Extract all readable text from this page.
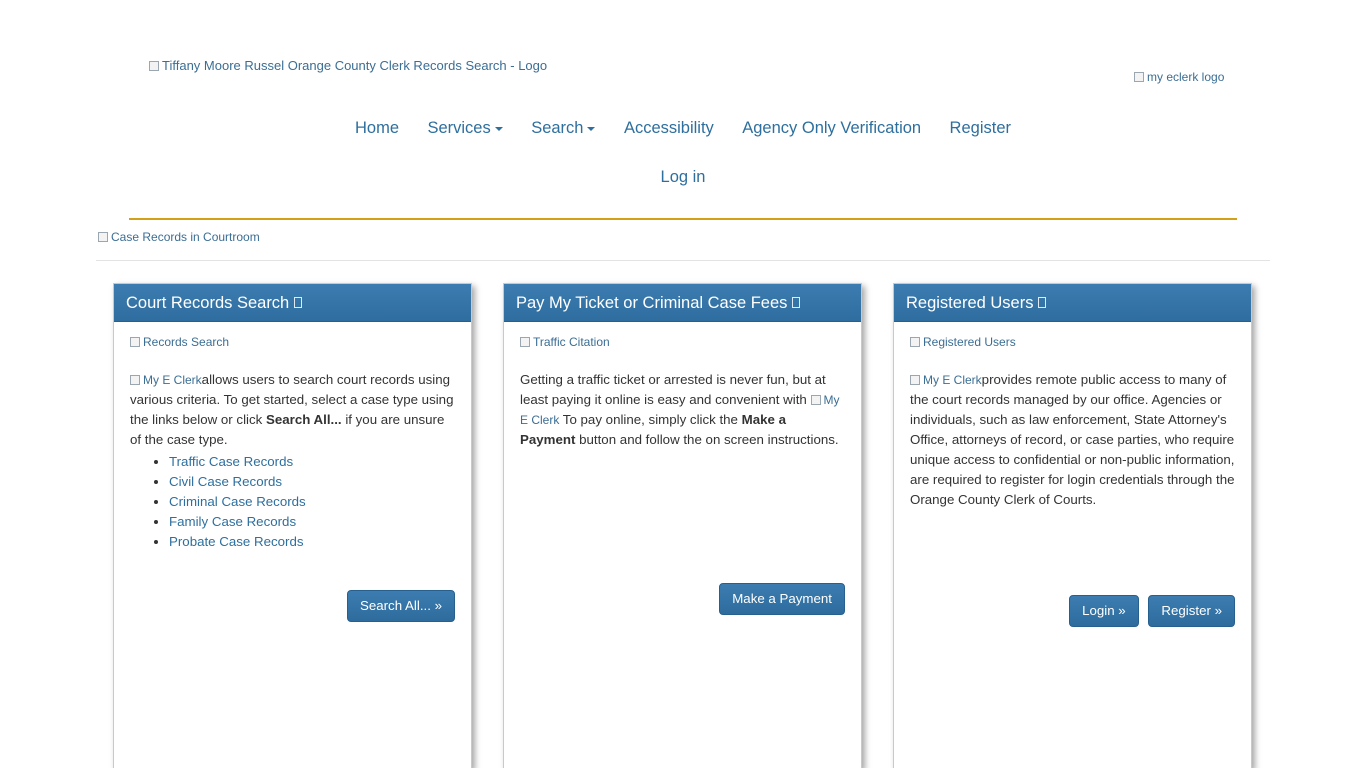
Tiffany Moore Russel Orange County Clerk Records Search - Logo
my eclerk logo
Home Services Search Accessibility Agency Only Verification Register
Log in
Case Records in Courtroom
Court Records Search
Records Search
My E Clerkallows users to search court records using various criteria. To get started, select a case type using the links below or click Search All... if you are unsure of the case type.
• Traffic Case Records
• Civil Case Records
• Criminal Case Records
• Family Case Records
• Probate Case Records
Search All... »
Pay My Ticket or Criminal Case Fees
Traffic Citation
Getting a traffic ticket or arrested is never fun, but at least paying it online is easy and convenient with My E Clerk To pay online, simply click the Make a Payment button and follow the on screen instructions.
Make a Payment
Registered Users
Registered Users
My E Clerkprovides remote public access to many of the court records managed by our office. Agencies or individuals, such as law enforcement, State Attorney's Office, attorneys of record, or case parties, who require unique access to confidential or non-public information, are required to register for login credentials through the Orange County Clerk of Courts.
Login »	Register »
